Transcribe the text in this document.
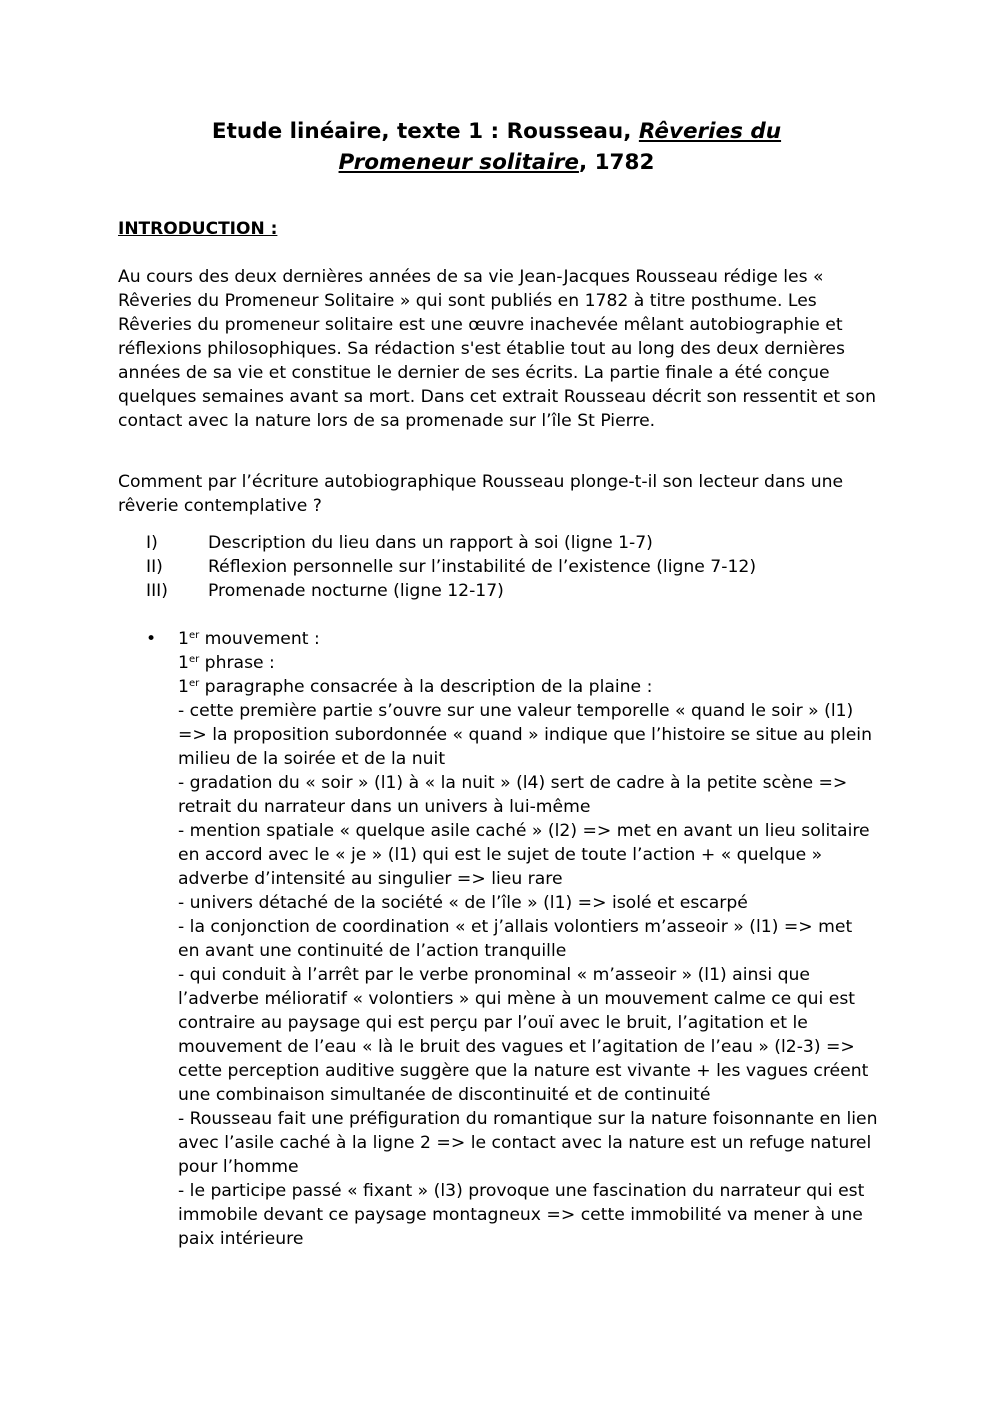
Etude linéaire, texte 1 : Rousseau, Rêveries du
Promeneur solitaire, 1782
INTRODUCTION :

Au cours des deux dernières années de sa vie Jean-Jacques Rousseau rédige les « Rêveries du Promeneur Solitaire » qui sont publiés en 1782 à titre posthume. Les Rêveries du promeneur solitaire est une œuvre inachevée mêlant autobiographie et réflexions philosophiques. Sa rédaction s'est établie tout au long des deux dernières années de sa vie et constitue le dernier de ses écrits. La partie finale a été conçue quelques semaines avant sa mort. Dans cet extrait Rousseau décrit son ressentit et son contact avec la nature lors de sa promenade sur l’île St Pierre.

Comment par l’écriture autobiographique Rousseau plonge-t-il son lecteur dans une rêverie contemplative ?

I)	Description du lieu dans un rapport à soi (ligne 1-7)
II)	Réflexion personnelle sur l’instabilité de l’existence (ligne 7-12)
III)	Promenade nocturne (ligne 12-17)
• 1er mouvement :
1er phrase :
1er paragraphe consacrée à la description de la plaine :
- cette première partie s’ouvre sur une valeur temporelle « quand le soir » (l1) => la proposition subordonnée « quand » indique que l’histoire se situe au plein milieu de la soirée et de la nuit
- gradation du « soir » (l1) à « la nuit » (l4) sert de cadre à la petite scène => retrait du narrateur dans un univers à lui-même
- mention spatiale « quelque asile caché » (l2) => met en avant un lieu solitaire en accord avec le « je » (l1) qui est le sujet de toute l’action + « quelque » adverbe d’intensité au singulier => lieu rare
- univers détaché de la société « de l’île » (l1) => isolé et escarpé
- la conjonction de coordination « et j’allais volontiers m’asseoir » (l1) => met en avant une continuité de l’action tranquille
- qui conduit à l’arrêt par le verbe pronominal « m’asseoir » (l1) ainsi que l’adverbe mélioratif « volontiers » qui mène à un mouvement calme ce qui est contraire au paysage qui est perçu par l’ouï avec le bruit, l’agitation et le mouvement de l’eau « là le bruit des vagues et l’agitation de l’eau » (l2-3) => cette perception auditive suggère que la nature est vivante + les vagues créent une combinaison simultanée de discontinuité et de continuité
- Rousseau fait une préfiguration du romantique sur la nature foisonnante en lien avec l’asile caché à la ligne 2 => le contact avec la nature est un refuge naturel pour l’homme
- le participe passé « fixant » (l3) provoque une fascination du narrateur qui est immobile devant ce paysage montagneux => cette immobilité va mener à une paix intérieure
